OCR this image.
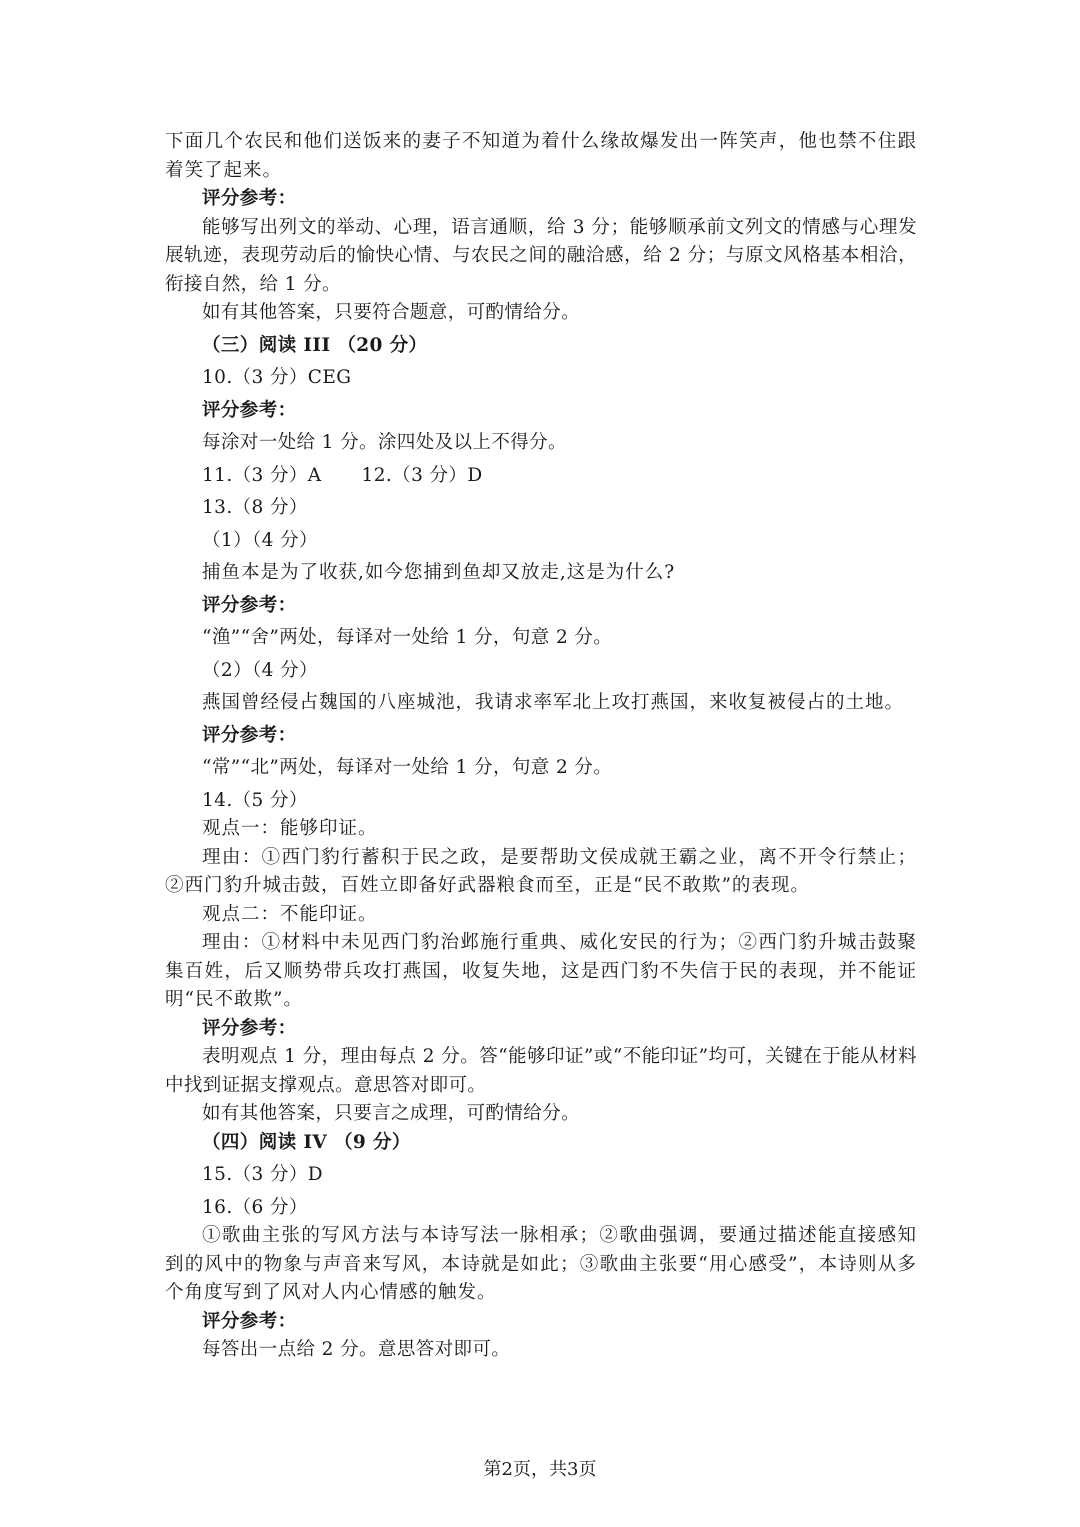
下面几个农民和他们送饭来的妻子不知道为着什么缘故爆发出一阵笑声，他也禁不住跟着笑了起来。

评分参考：

能够写出列文的举动、心理，语言通顺，给 3 分；能够顺承前文列文的情感与心理发展轨迹，表现劳动后的愉快心情、与农民之间的融洽感，给 2 分；与原文风格基本相洽，衔接自然，给 1 分。

如有其他答案，只要符合题意，可酌情给分。

（三）阅读 III （20 分）

10.（3 分）CEG

评分参考：

每涂对一处给 1 分。涂四处及以上不得分。

11.（3 分）A 12.（3 分）D

13.（8 分）

（1）（4 分）

捕鱼本是为了收获,如今您捕到鱼却又放走,这是为什么?

评分参考：

“渔”“舍”两处，每译对一处给 1 分，句意 2 分。

（2）（4 分）

燕国曾经侵占魏国的八座城池，我请求率军北上攻打燕国，来收复被侵占的土地。

评分参考：

“常”“北”两处，每译对一处给 1 分，句意 2 分。

14.（5 分）

观点一：能够印证。

理由：①西门豹行蓄积于民之政，是要帮助文侯成就王霸之业，离不开令行禁止；②西门豹升城击鼓，百姓立即备好武器粮食而至，正是“民不敢欺”的表现。

观点二：不能印证。

理由：①材料中未见西门豹治邺施行重典、威化安民的行为；②西门豹升城击鼓聚集百姓，后又顺势带兵攻打燕国，收复失地，这是西门豹不失信于民的表现，并不能证明“民不敢欺”。

评分参考：

表明观点 1 分，理由每点 2 分。答“能够印证”或“不能印证”均可，关键在于能从材料中找到证据支撑观点。意思答对即可。

如有其他答案，只要言之成理，可酌情给分。

（四）阅读 IV （9 分）

15.（3 分）D

16.（6 分）

①歌曲主张的写风方法与本诗写法一脉相承；②歌曲强调，要通过描述能直接感知到的风中的物象与声音来写风，本诗就是如此；③歌曲主张要“用心感受”，本诗则从多个角度写到了风对人内心情感的触发。

评分参考：

每答出一点给 2 分。意思答对即可。

第2页，共3页
